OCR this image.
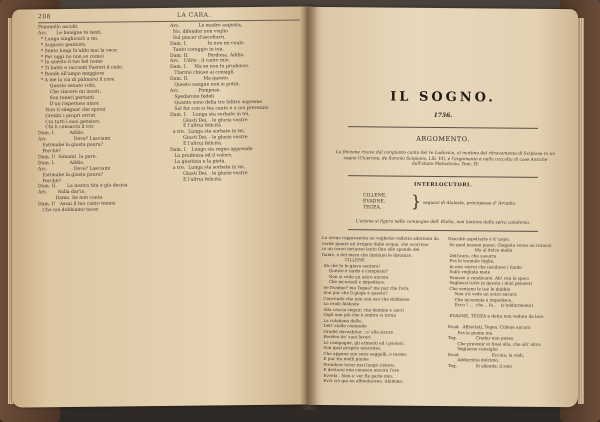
208	LA CARA.
Pommello ascolti
Arc.      Le benigne te tenti,
* Lunga singhiozzò a mi,
* Augusto genitore,
* Sento lungi fu'abbi mai la vece:
* Per oggi (io non so come)
* In questo il tuo bel nome
* Ti batte e raccenti Pastori il cielo
* Rende all'ampo meggiore
* A me la via di pàlmarsi il core.
Questo senato volti,
Che vincere mi inceti,
Son teneri pertanti
D'un rispettoso amor.
Non ti sdegnar che sporsi
Grediti i propri errori
Cui tutti i suoi pensieri,
Chi li consacra il cor.
Dam. I.          Addio.
Arc.                  Dove? Lasciami
Estimabe la giusta paura?
Perchè?
Dam. I!  Simanti  la pare.
Dam. I.          Addio.
Arc.                  Dove? Lasciami
Estimabe la giusta paura?
Perchè?
Dam. II.       La nostra tita è già decisa
Arc.       Sulla dar'io.
Dama. Se non conta
Dam. I!   Assai il tuo canto tenesi
Che noi dobbiamo tacer.
Arc.             Le madre augusta,
No, difendor non voglio
Sul piacer d'ascoltarti.
Dam. I.              In non mi coulo
Tanto coraggio in tea.
Dam. II.             Perdona, Addio.
Arc.   Udite : il canto mio.
Dam. I.     Ma se non fu prudence.
Ttarirsi chiuso ai consigli.
Dam. II.          Ma questo
Questo eangue non si potrà.
Arc.             Pompose.
Spedarono fedeli
Quanto sono della tre liditro supreme
Sal fur con si tea canto e a noi prevenno
Dam. I.    Lunga sta sorbate in tei,
Giusti Dei, - le gluria vostre
E l'altrui felicità.
a tre.  Lunga sta sorbate in tei,
Giusti Dei, - le gluria vostre
E l'altrui felicità.
Dam. I.   Lungo sia regno apprende
La prudenza ed il valore,
La giustizia e la pietà.
a tre.  Lunga sta sorbate in tei,
Giusti Dei, - le gluria vostre
E l'altrui felicità.
IL SOGNO.
1756.
ARGOMENTO.
La finzione ricava dal congiunto canto del re Lodovico, al mattino del ritrovamento di Scipione in un sogno (Cicerone, de Somnio Scipionis, Lib. VI), e l'argomento è nella raccolta di cose Antiche dall'abate Metastasio, Tom. IV.
INTERLOCUTORI.
CILLENE,
EVADNE,
TEGEA,	} seguaci di Alaleste, principessa d' Arcadia.
L'azione si figura nelle campagne dell' Etolia, non lontano dalla selva caledonia.
La scena rappresenta un vaghetto valletto adornato da
verde piante ed irrigate dalle acque, che scorrono
in un corso tortuoso lento fino alle sponde del
fiume, e del mare che limitano le distanze.
CILLENE
Ah che fa le giava sentore!
Questo è tardo e composto?
Non si vede un astro ancora
Che inconsoli e impedisce.
Se Evadne? ma Tegea? ma pur che l'era,
Son pur che lì giape è questo?
Convendo che non son suo che dubbioso
Lo reale Alaleste
Alla caccia seguir; che domine e cervi
Gigli non più che è ombra si torna
La colabona della,
Dell' stelle contende
Oradel doveabitur ; o' ella sicure
Rendea da' suoi favori
Le campagne, gli armenti ed i pastori.
Son qual proprio nasconso,
Che appena son sono suggelli, o terme;
E pur fra molli piume
Prendere tocar essi lungo ristoro,
E destarsi non conosce ancora l'ore
Evvela . Non s' ver Ee parte mio,
Evvi ciò qui ne affondavano. Ahimmo,
Giacchè aspettarle è d' uopo,
Se qual nessun passo. (Seguita verso un tronco)
Ma al dolce mollo
Dell'aura, che susurra
Fra le tremule foglie,
In non vorrei che insidiose i fondo
Sulla vegliata mete
Venisse a vendicarsi. Ah! con la speci
Vegliassi tutto in questa i miei pensieri
Che sentono le tue le dubbio
Non s'è vede un astro ancora
Che inconsola e impedisce.
Ecco ! ...  che .. fa..    (s'addormenta)

EVADNE, TEGEA e detta non vedute da lore.

Evad.  Affrettati, Tegea. Cillene ancora
Fra le piume ma.
Teg.              Credar non posso.
Che prevenir ei fossi alla, che sill' altro
Vegliarne consiglio
Evad.                        Eccola; la vedi,
Addormita dolcimo.
Teg.              Si allenda: il solo
